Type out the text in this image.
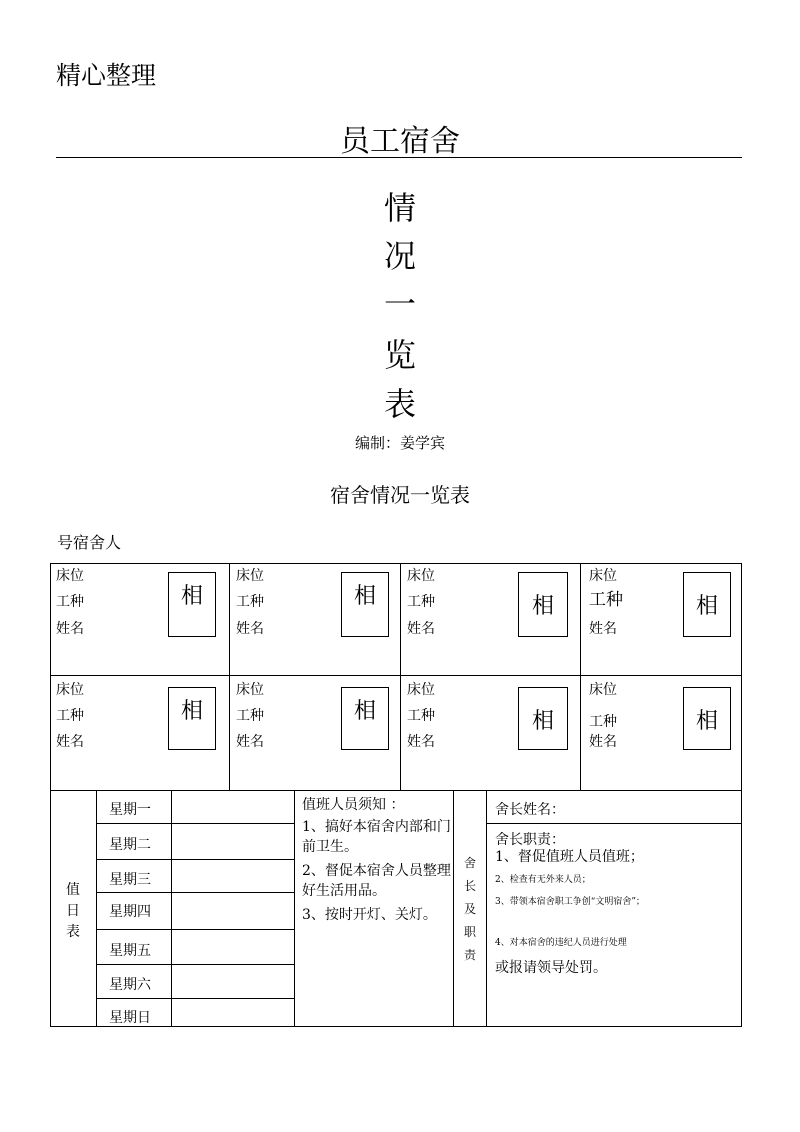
精心整理
员工宿舍
情
况
一
览
表
编制：姜学宾
宿舍情况一览表
号宿舍人
床位
工种
姓名
相
床位
工种
姓名
相
床位
工种
姓名
相
床位
工种
姓名
相
床位
工种
姓名
相
床位
工种
姓名
相
床位
工种
姓名
相
床位
工种
姓名
相
值
日
表
星期一
星期二
星期三
星期四
星期五
星期六
星期日

值班人员须知 ：

1、搞好本宿舍内部和门前卫生。

2、督促本宿舍人员整理好生活用品。

3、按时开灯、关灯。

舍
长
及
职
责
舍长姓名：
舍长职责：
1、督促值班人员值班；
2、检查有无外来人员；
3、带领本宿舍职工争创“文明宿舍”；
4、对本宿舍的违纪人员进行处理
或报请领导处罚。
